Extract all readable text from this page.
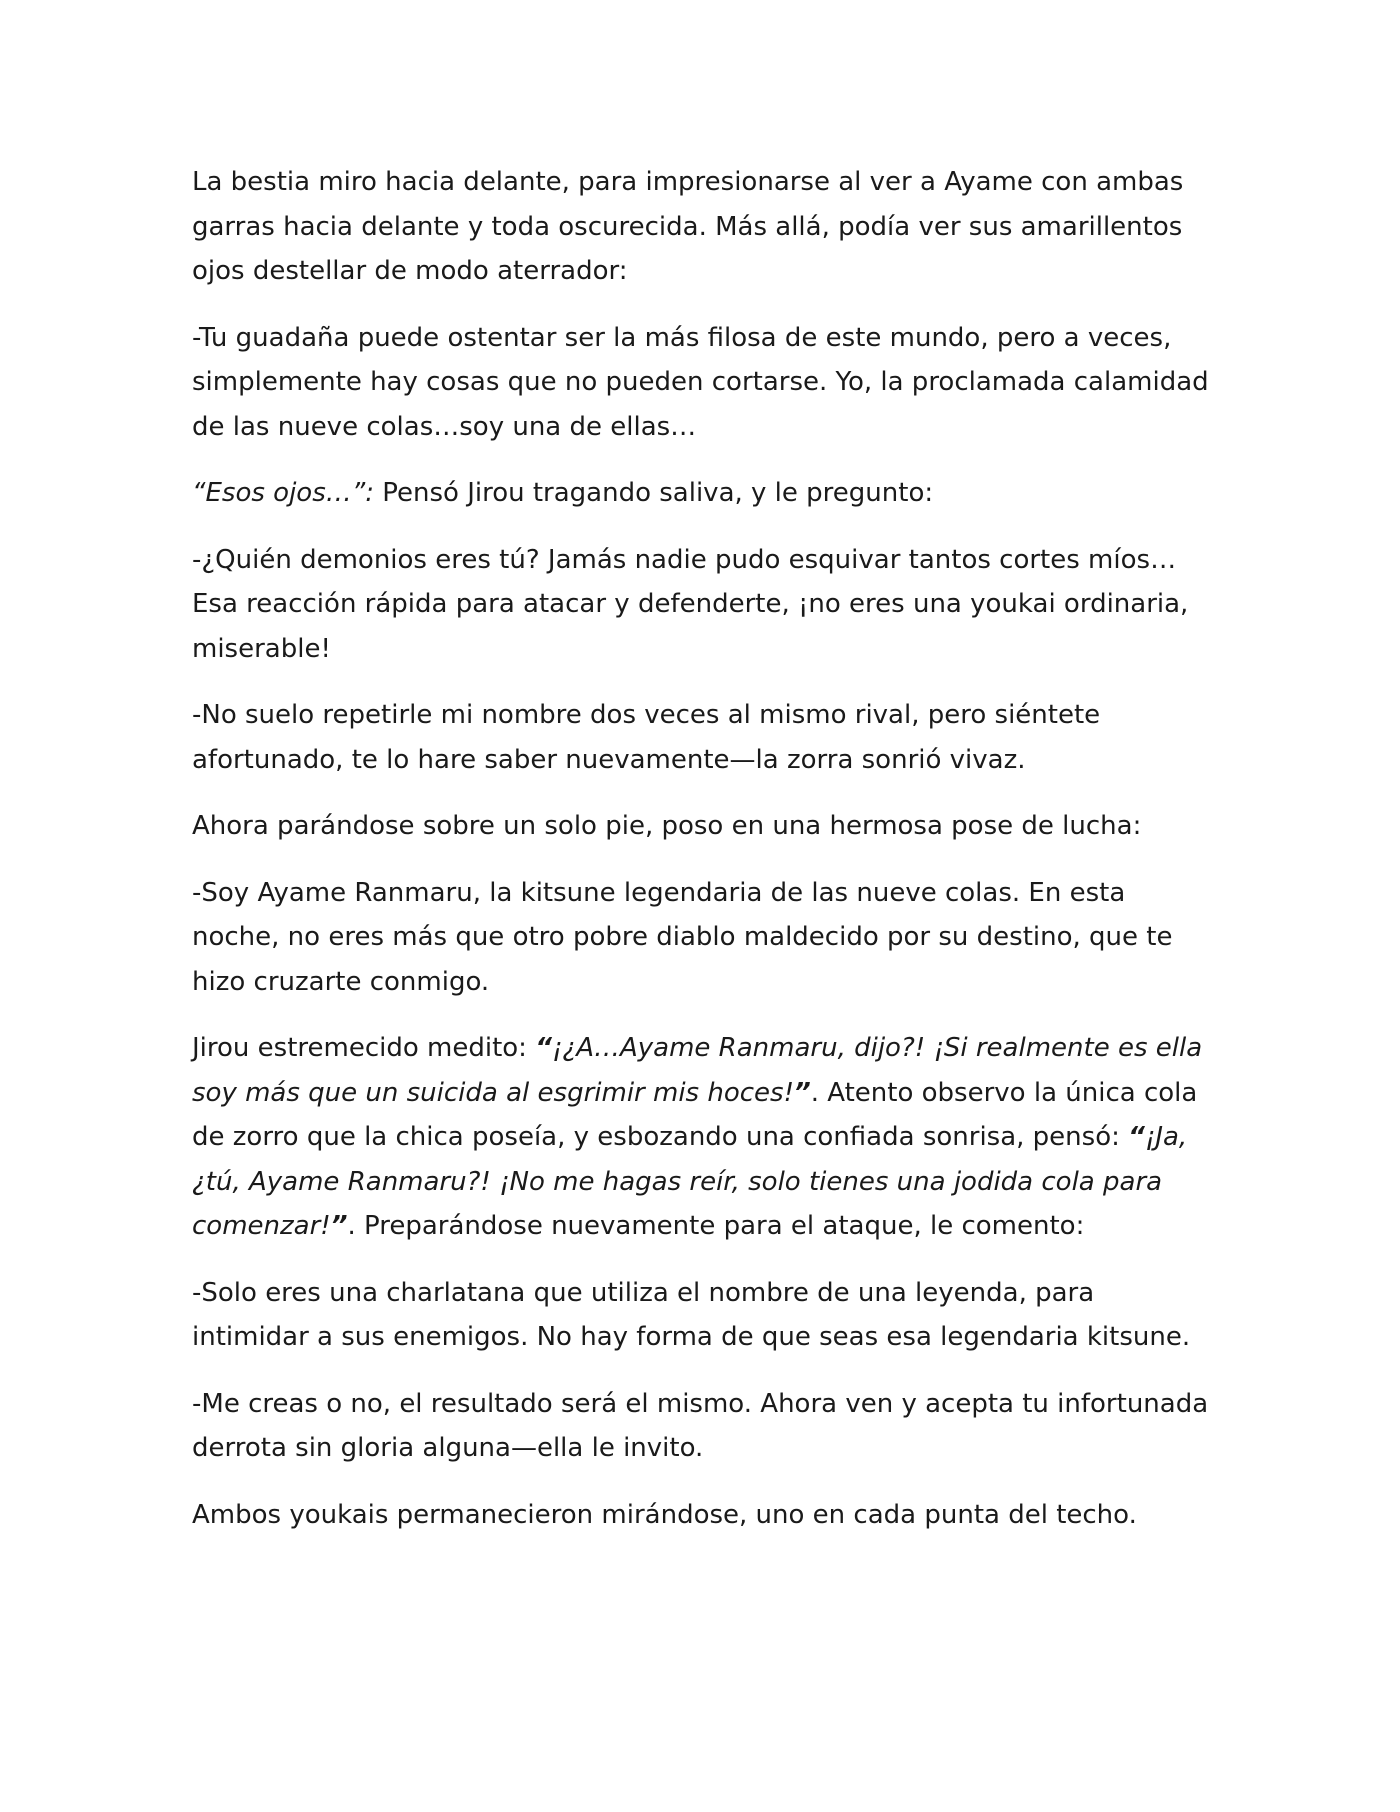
La bestia miro hacia delante, para impresionarse al ver a Ayame con ambas garras hacia delante y toda oscurecida. Más allá, podía ver sus amarillentos ojos destellar de modo aterrador:

-Tu guadaña puede ostentar ser la más filosa de este mundo, pero a veces, simplemente hay cosas que no pueden cortarse. Yo, la proclamada calamidad de las nueve colas…soy una de ellas…

“Esos ojos…”: Pensó Jirou tragando saliva, y le pregunto:

-¿Quién demonios eres tú? Jamás nadie pudo esquivar tantos cortes míos…Esa reacción rápida para atacar y defenderte, ¡no eres una youkai ordinaria, miserable!

-No suelo repetirle mi nombre dos veces al mismo rival, pero siéntete afortunado, te lo hare saber nuevamente—la zorra sonrió vivaz.

Ahora parándose sobre un solo pie, poso en una hermosa pose de lucha:

-Soy Ayame Ranmaru, la kitsune legendaria de las nueve colas. En esta noche, no eres más que otro pobre diablo maldecido por su destino, que te hizo cruzarte conmigo.

Jirou estremecido medito: “¡¿A…Ayame Ranmaru, dijo?! ¡Si realmente es ella soy más que un suicida al esgrimir mis hoces!”. Atento observo la única cola de zorro que la chica poseía, y esbozando una confiada sonrisa, pensó: “¡Ja, ¿tú, Ayame Ranmaru?! ¡No me hagas reír, solo tienes una jodida cola para comenzar!”. Preparándose nuevamente para el ataque, le comento:

-Solo eres una charlatana que utiliza el nombre de una leyenda, para intimidar a sus enemigos. No hay forma de que seas esa legendaria kitsune.

-Me creas o no, el resultado será el mismo. Ahora ven y acepta tu infortunada derrota sin gloria alguna—ella le invito.

Ambos youkais permanecieron mirándose, uno en cada punta del techo.
